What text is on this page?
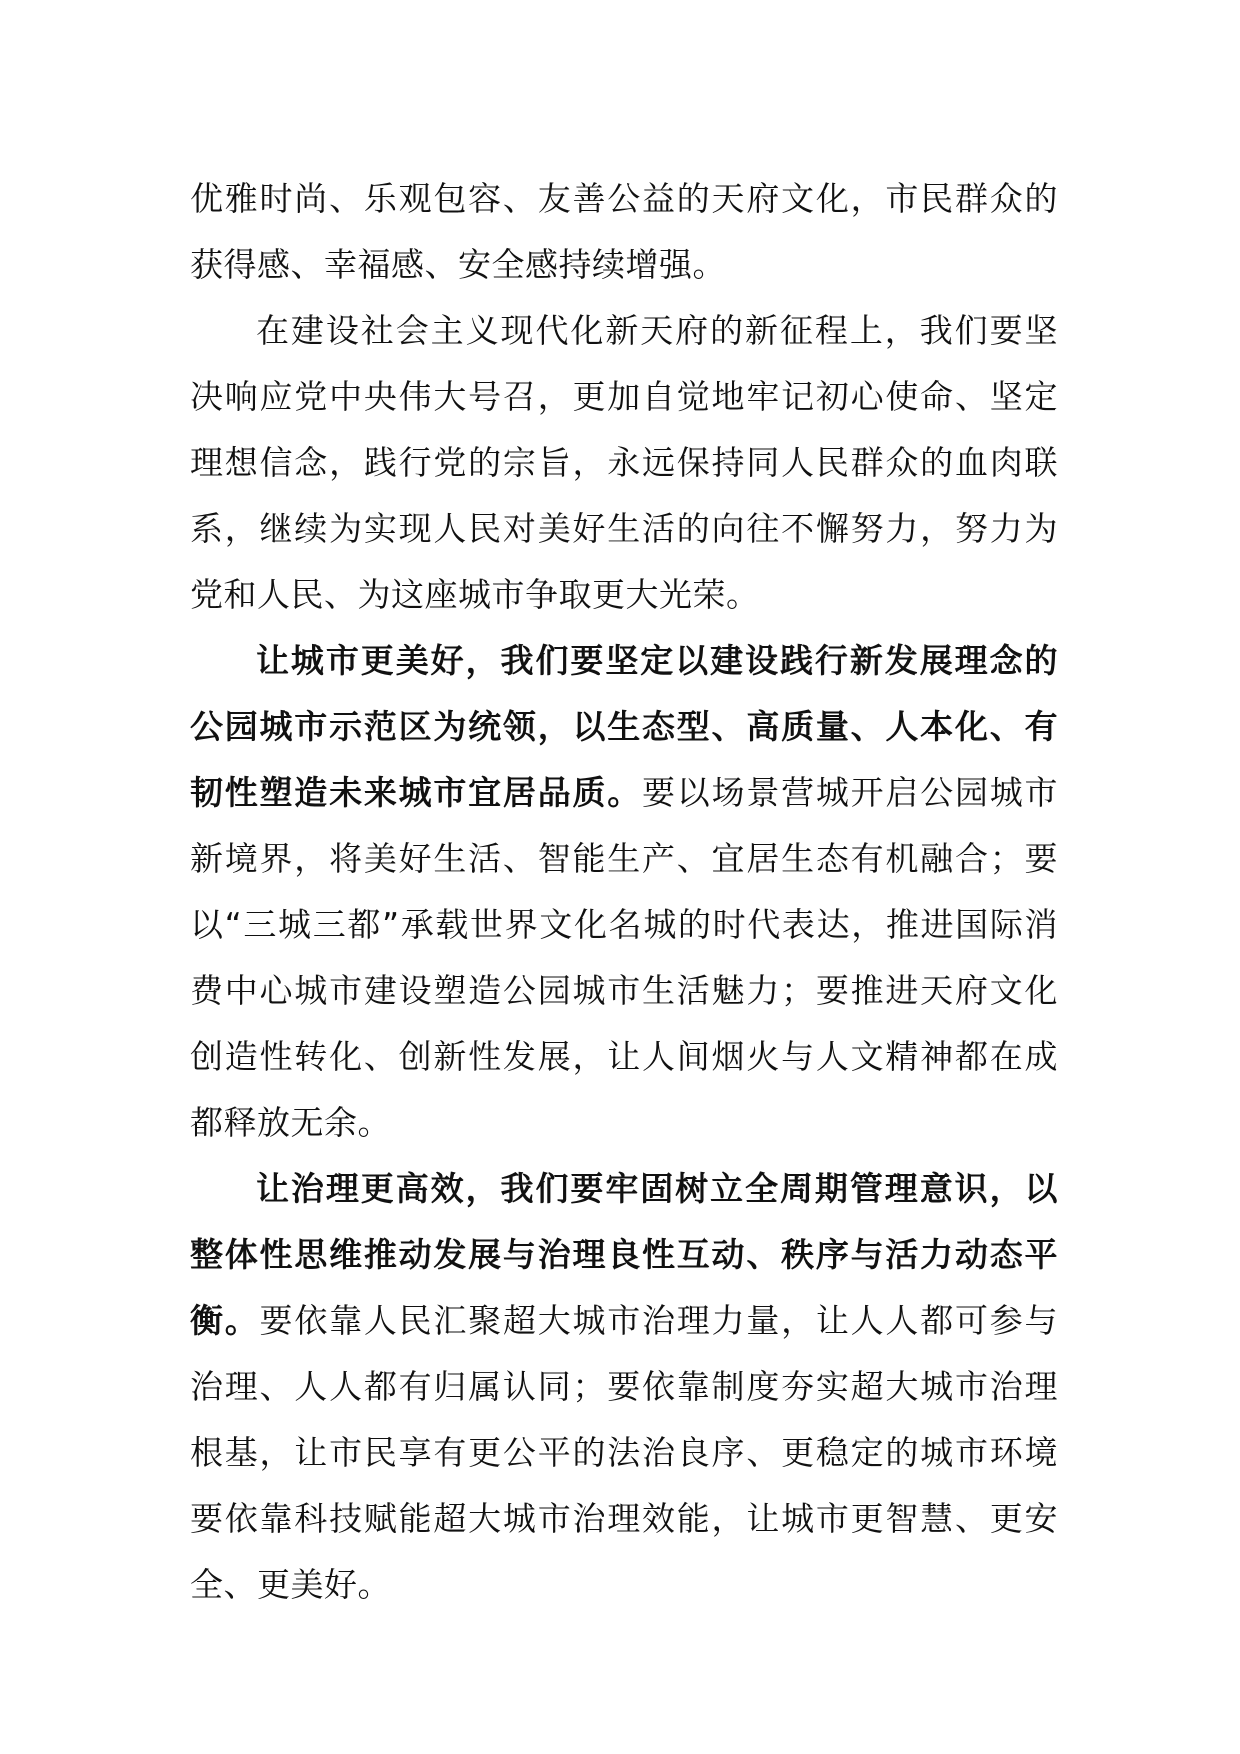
优雅时尚、乐观包容、友善公益的天府文化，市民群众的获得感、幸福感、安全感持续增强。

在建设社会主义现代化新天府的新征程上，我们要坚决响应党中央伟大号召，更加自觉地牢记初心使命、坚定理想信念，践行党的宗旨，永远保持同人民群众的血肉联系，继续为实现人民对美好生活的向往不懈努力，努力为党和人民、为这座城市争取更大光荣。

让城市更美好，我们要坚定以建设践行新发展理念的公园城市示范区为统领，以生态型、高质量、人本化、有韧性塑造未来城市宜居品质。要以场景营城开启公园城市新境界，将美好生活、智能生产、宜居生态有机融合；要以“三城三都”承载世界文化名城的时代表达，推进国际消费中心城市建设塑造公园城市生活魅力；要推进天府文化创造性转化、创新性发展，让人间烟火与人文精神都在成都释放无余。

让治理更高效，我们要牢固树立全周期管理意识，以整体性思维推动发展与治理良性互动、秩序与活力动态平衡。要依靠人民汇聚超大城市治理力量，让人人都可参与治理、人人都有归属认同；要依靠制度夯实超大城市治理根基，让市民享有更公平的法治良序、更稳定的城市环境要依靠科技赋能超大城市治理效能，让城市更智慧、更安全、更美好。
